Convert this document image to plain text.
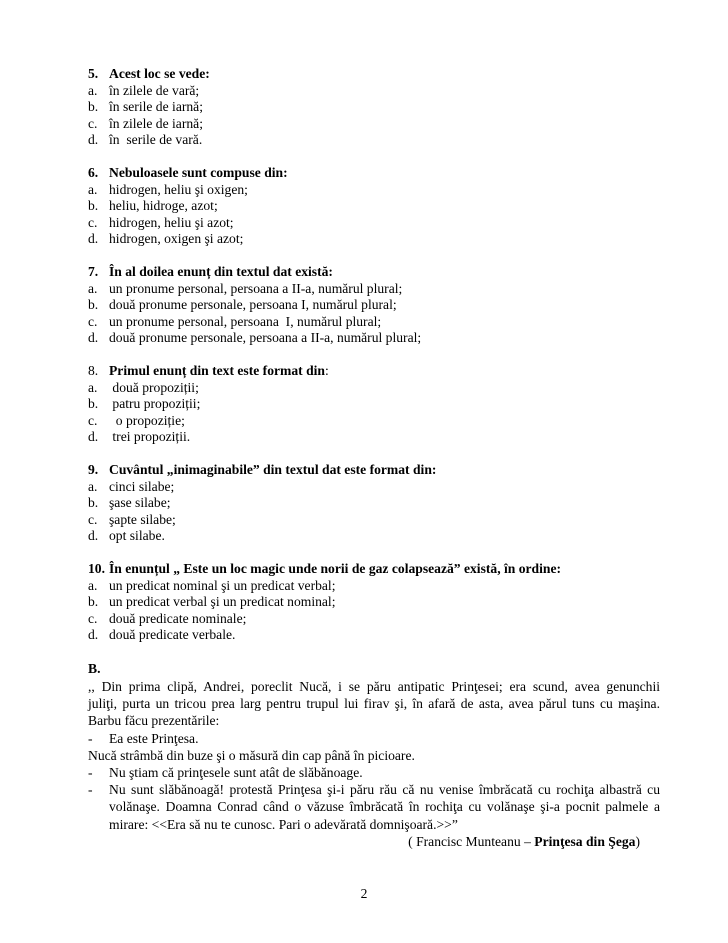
5. Acest loc se vede:
a. în zilele de vară;
b. în serile de iarnă;
c. în zilele de iarnă;
d. în  serile de vară.
6. Nebuloasele sunt compuse din:
a. hidrogen, heliu şi oxigen;
b. heliu, hidroge, azot;
c. hidrogen, heliu şi azot;
d. hidrogen, oxigen şi azot;
7. În al doilea enunț din textul dat există:
a. un pronume personal, persoana a II-a, numărul plural;
b. două pronume personale, persoana I, numărul plural;
c. un pronume personal, persoana  I, numărul plural;
d. două pronume personale, persoana a II-a, numărul plural;
8. Primul enunț din text este format din :
a. două propoziții;
b. patru propoziții;
c. o propoziție;
d. trei propoziții.
9. Cuvântul „inimaginabile” din textul dat este format din:
a. cinci silabe;
b. şase silabe;
c. şapte silabe;
d. opt silabe.
10. În enunțul „ Este un loc magic unde norii de gaz colapsează” există, în ordine:
a. un predicat nominal şi un predicat verbal;
b. un predicat verbal şi un predicat nominal;
c. două predicate nominale;
d. două predicate verbale.
B.
,, Din prima clipă, Andrei, poreclit Nucă, i se păru antipatic Prinţesei; era scund, avea genunchii
juliţi, purta un tricou prea larg pentru trupul lui firav şi, în afară de asta, avea părul tuns cu maşina.
Barbu făcu prezentările:
-	Ea este Prinţesa.
Nucă strâmbă din buze şi o măsură din cap până în picioare.
-	Nu ştiam că prinţesele sunt atât de slăbănoage.
-	Nu sunt slăbănoagă! protestă Prinţesa şi-i păru rău că nu venise îmbrăcată cu rochiţa albastră cu
volănaşe. Doamna Conrad când o văzuse îmbrăcată în rochiţa cu volănaşe şi-a pocnit palmele a
mirare: <<Era să nu te cunosc. Pari o adevărată domnişoară.>>”
( Francisc Munteanu – Prinţesa din Şega)
2
